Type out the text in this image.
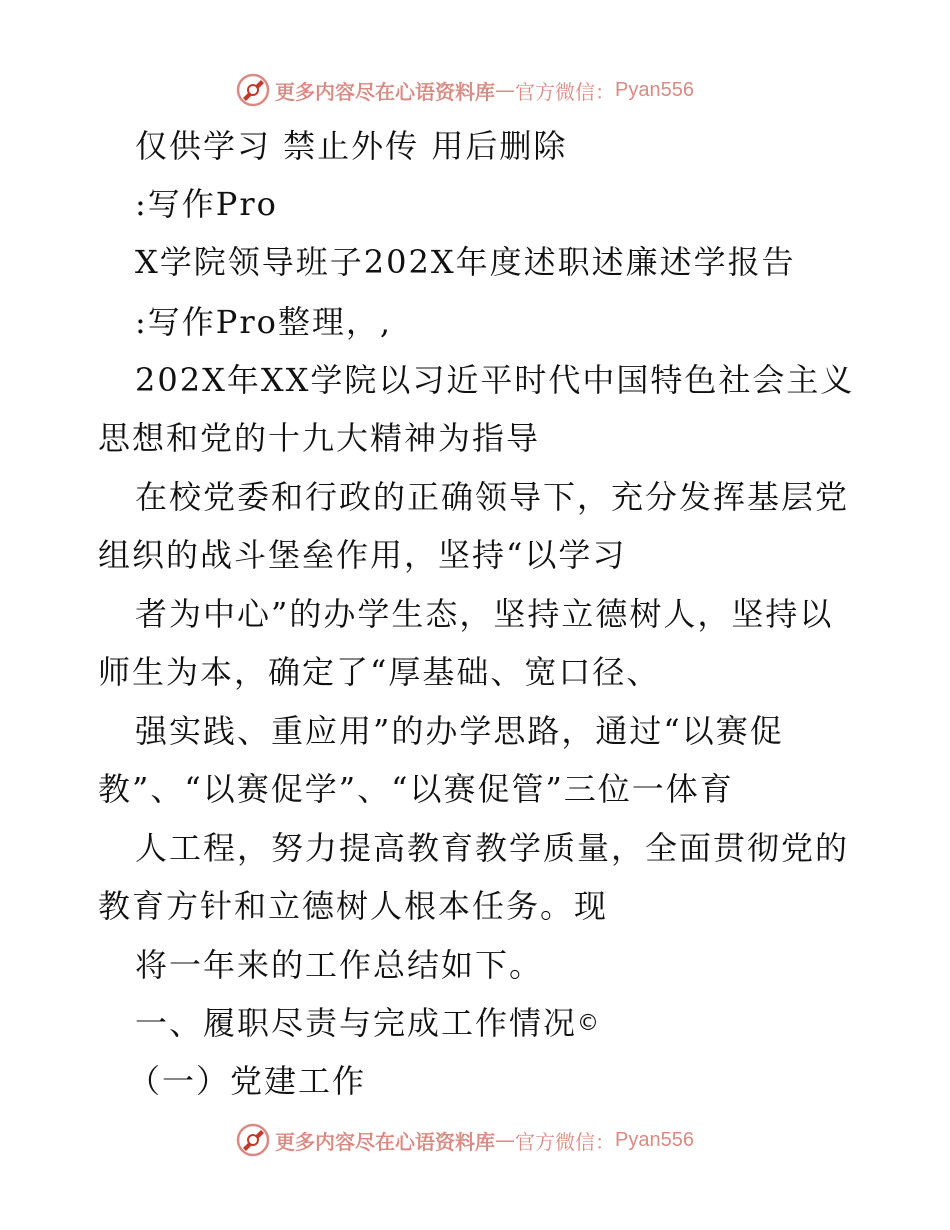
更多内容尽在心语资料库 — 官方微信： Pyan556
仅供学习 禁止外传 用后删除
:写作Pro
X学院领导班子202X年度述职述廉述学报告
:写作Pro整理，,
202X年XX学院以习近平时代中国特色社会主义
思想和党的十九大精神为指导
在校党委和行政的正确领导下，充分发挥基层党
组织的战斗堡垒作用，坚持“以学习
者为中心”的办学生态，坚持立德树人，坚持以
师生为本，确定了“厚基础、宽口径、
强实践、重应用”的办学思路，通过“以赛促
教”、“以赛促学”、“以赛促管”三位一体育
人工程，努力提高教育教学质量，全面贯彻党的
教育方针和立德树人根本任务。现
将一年来的工作总结如下。
一、履职尽责与完成工作情况©
（一）党建工作
更多内容尽在心语资料库 — 官方微信： Pyan556
